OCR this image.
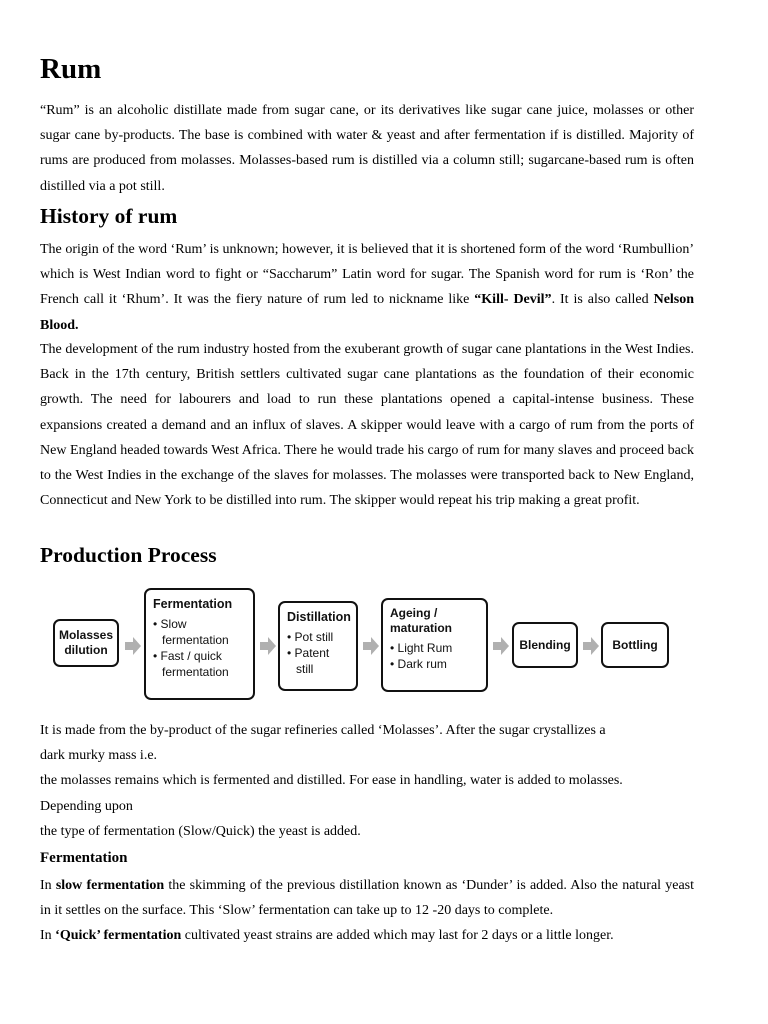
Rum

“Rum” is an alcoholic distillate made from sugar cane, or its derivatives like sugar cane juice, molasses or other sugar cane by-products. The base is combined with water & yeast and after fermentation if is distilled. Majority of rums are produced from molasses. Molasses-based rum is distilled via a column still; sugarcane-based rum is often distilled via a pot still.

History of rum

The origin of the word ‘Rum’ is unknown; however, it is believed that it is shortened form of the word ‘Rumbullion’ which is West Indian word to fight or “Saccharum” Latin word for sugar. The Spanish word for rum is ‘Ron’ the French call it ‘Rhum’. It was the fiery nature of rum led to nickname like “Kill- Devil”. It is also called Nelson Blood.

The development of the rum industry hosted from the exuberant growth of sugar cane plantations in the West Indies. Back in the 17th century, British settlers cultivated sugar cane plantations as the foundation of their economic growth. The need for labourers and load to run these plantations opened a capital-intense business. These expansions created a demand and an influx of slaves. A skipper would leave with a cargo of rum from the ports of New England headed towards West Africa. There he would trade his cargo of rum for many slaves and proceed back to the West Indies in the exchange of the slaves for molasses. The molasses were transported back to New England, Connecticut and New York to be distilled into rum. The skipper would repeat his trip making a great profit.

Production Process
Molasses dilution
Fermentation
• Slow fermentation
• Fast / quick fermentation
Distillation
• Pot still
• Patent still
Ageing / maturation
• Light Rum
• Dark rum
Blending	Bottling

It is made from the by-product of the sugar refineries called ‘Molasses’. After the sugar crystallizes a
dark murky mass i.e.
the molasses remains which is fermented and distilled. For ease in handling, water is added to molasses.
Depending upon
the type of fermentation (Slow/Quick) the yeast is added.

Fermentation

In slow fermentation the skimming of the previous distillation known as ‘Dunder’ is added. Also the natural yeast in it settles on the surface. This ‘Slow’ fermentation can take up to 12 -20 days to complete.

In ‘Quick’ fermentation cultivated yeast strains are added which may last for 2 days or a little longer.
